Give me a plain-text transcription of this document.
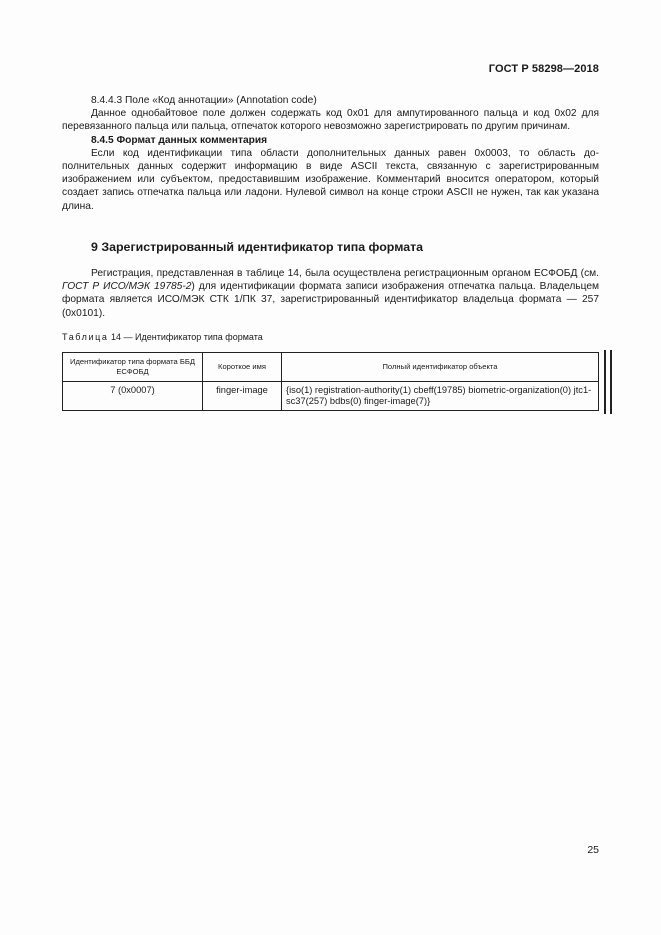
ГОСТ Р 58298—2018

8.4.4.3 Поле «Код аннотации» (Annotation code)

Данное однобайтовое поле должен содержать код 0x01 для ампутированного пальца и код 0x02 для перевязанного пальца или пальца, отпечаток которого невозможно зарегистрировать по другим причинам.

8.4.5 Формат данных комментария

Если код идентификации типа области дополнительных данных равен 0x0003, то область дополнительных данных содержит информацию в виде ASCII текста, связанную с зарегистрированным изображением или субъектом, предоставившим изображение. Комментарий вносится оператором, который создает запись отпечатка пальца или ладони. Нулевой символ на конце строки ASCII не нужен, так как указана длина.

9 Зарегистрированный идентификатор типа формата

Регистрация, представленная в таблице 14, была осуществлена регистрационным органом ЕСФОБД (см. ГОСТ Р ИСО/МЭК 19785-2) для идентификации формата записи изображения отпечатка пальца. Владельцем формата является ИСО/МЭК СТК 1/ПК 37, зарегистрированный идентификатор владельца формата — 257 (0x0101).

Таблица 14 — Идентификатор типа формата
Идентификатор типа формата ББД ЕСФОБД	Короткое имя	Полный идентификатор объекта
7 (0x0007)	finger-image	{iso(1) registration-authority(1) cbeff(19785) biometric-organization(0) jtc1-sc37(257) bdbs(0) finger-image(7)}
25
